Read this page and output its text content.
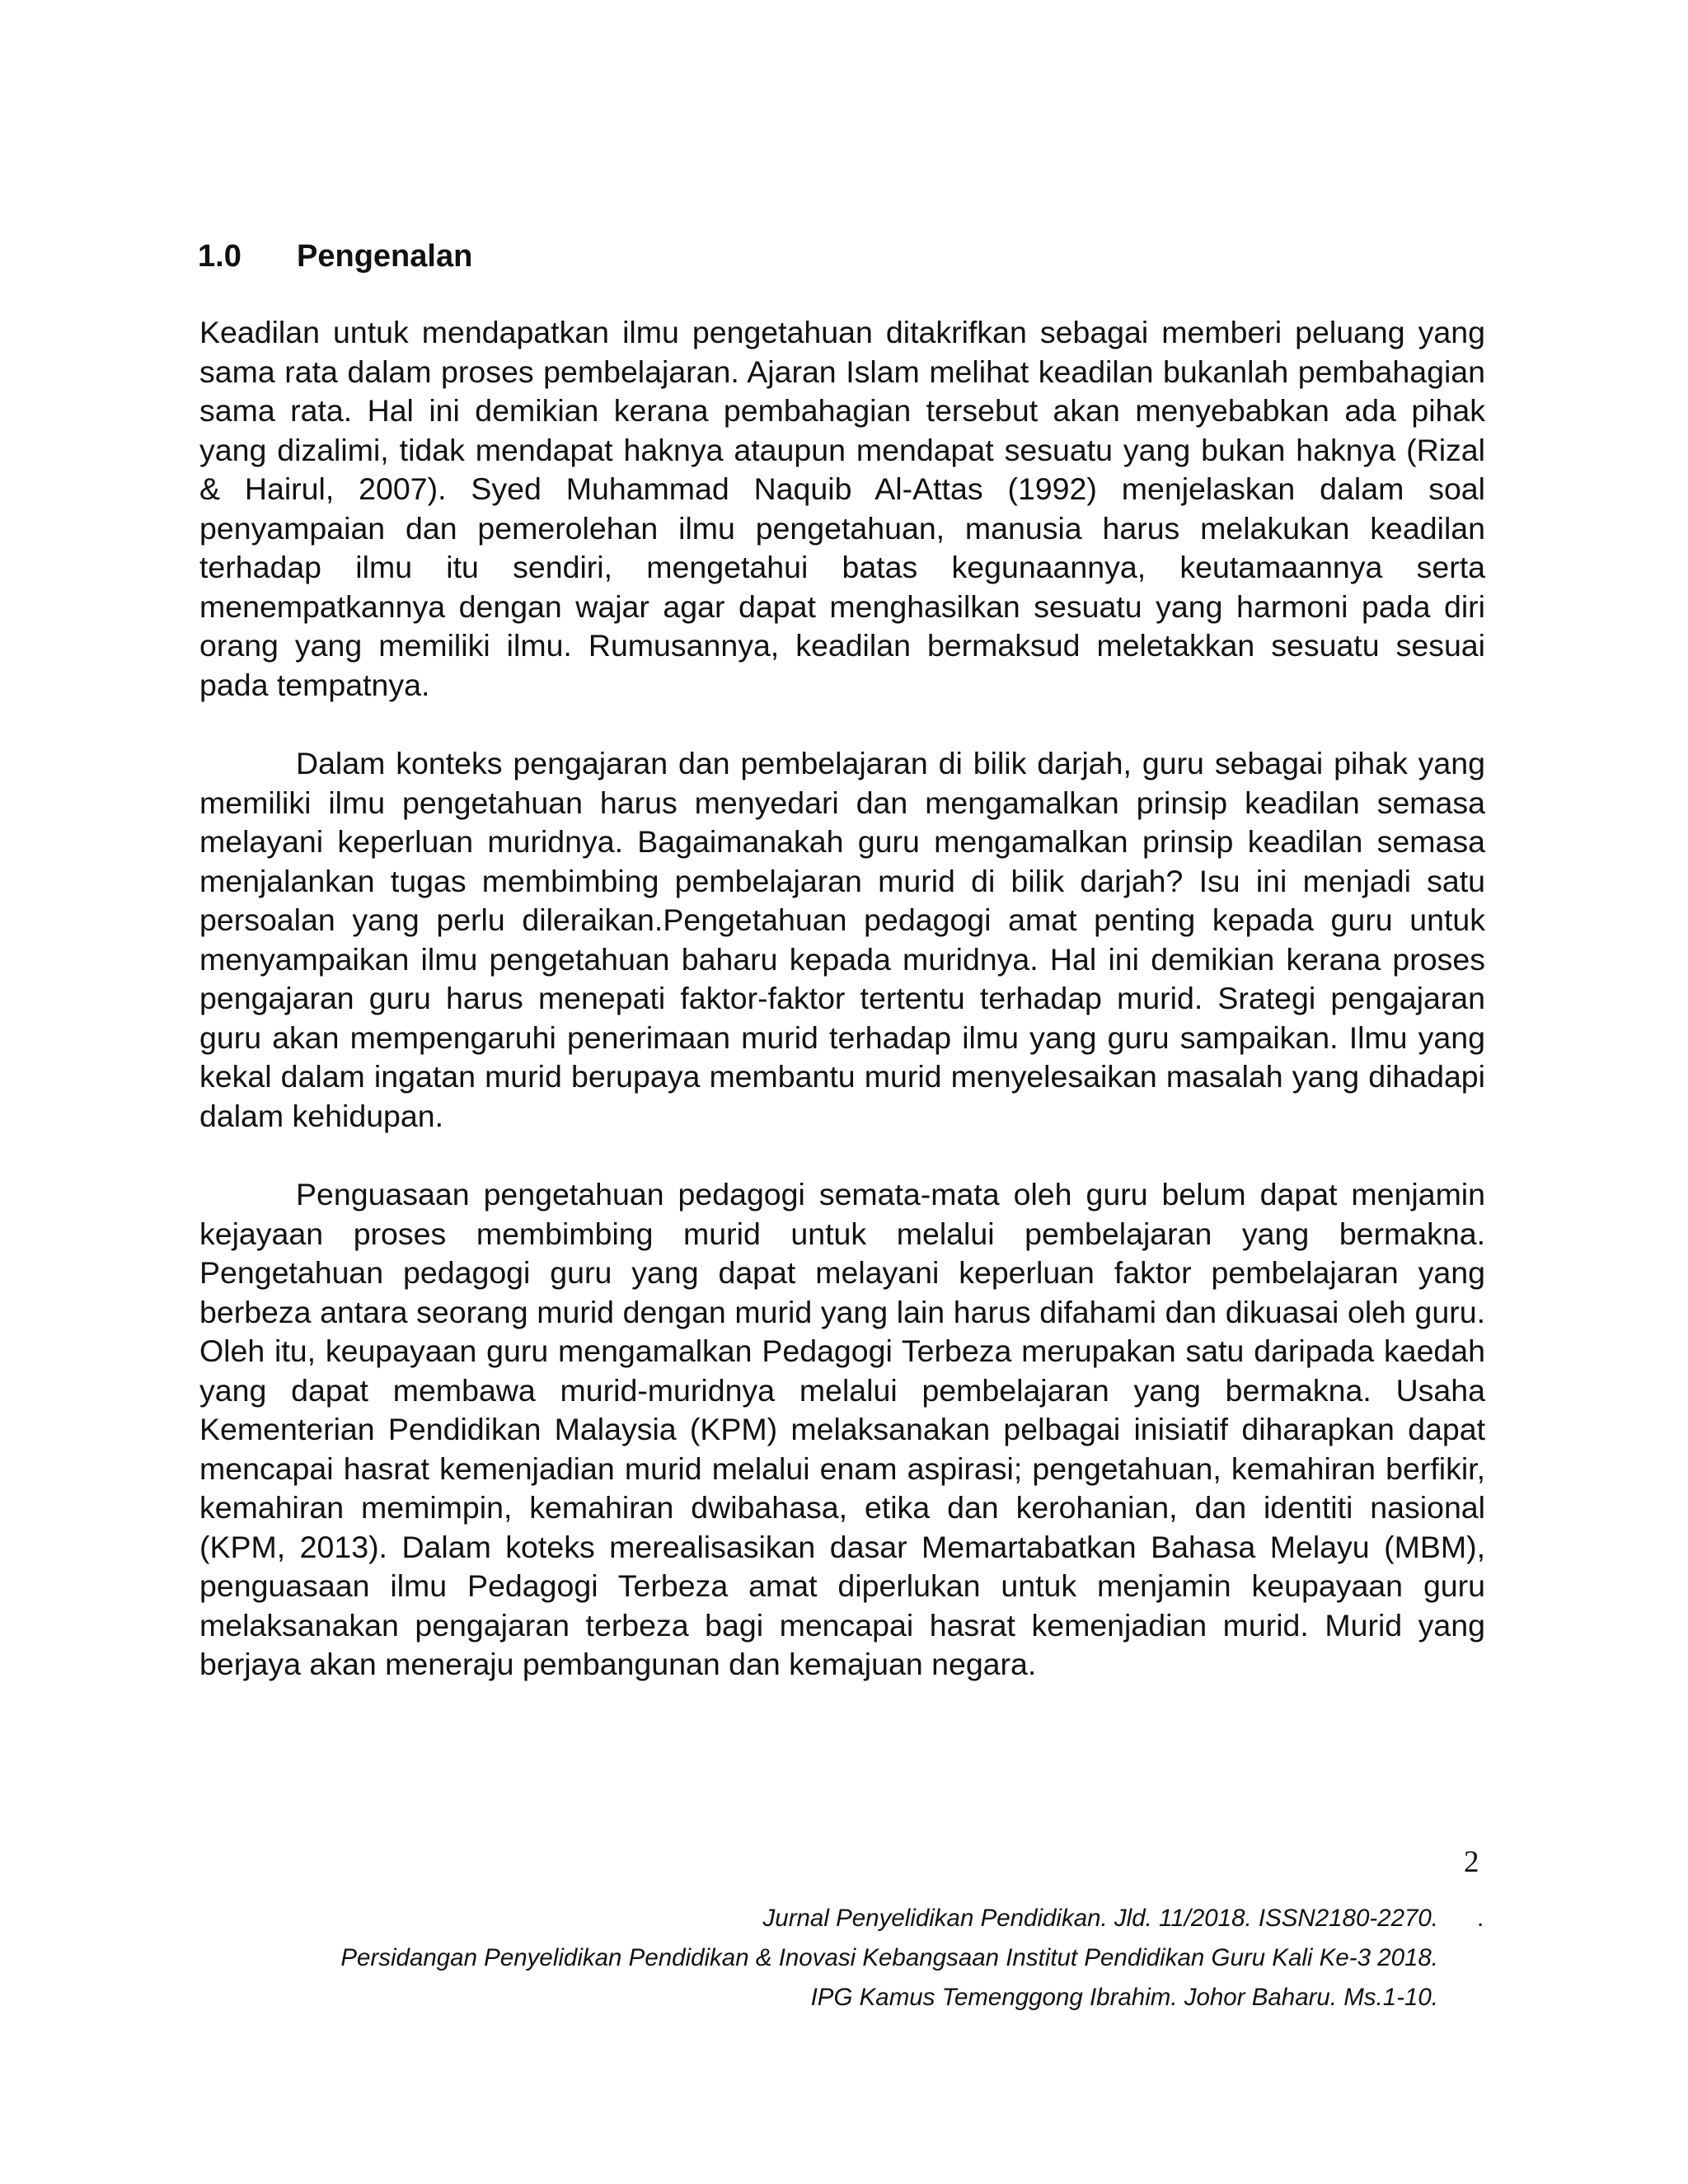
1.0 Pengenalan

Keadilan untuk mendapatkan ilmu pengetahuan ditakrifkan sebagai memberi peluang yang sama rata dalam proses pembelajaran. Ajaran Islam melihat keadilan bukanlah pembahagian sama rata. Hal ini demikian kerana pembahagian tersebut akan menyebabkan ada pihak yang dizalimi, tidak mendapat haknya ataupun mendapat sesuatu yang bukan haknya (Rizal & Hairul, 2007). Syed Muhammad Naquib Al-Attas (1992) menjelaskan dalam soal penyampaian dan pemerolehan ilmu pengetahuan, manusia harus melakukan keadilan terhadap ilmu itu sendiri, mengetahui batas kegunaannya, keutamaannya serta menempatkannya dengan wajar agar dapat menghasilkan sesuatu yang harmoni pada diri orang yang memiliki ilmu. Rumusannya, keadilan bermaksud meletakkan sesuatu sesuai pada tempatnya.

Dalam konteks pengajaran dan pembelajaran di bilik darjah, guru sebagai pihak yang memiliki ilmu pengetahuan harus menyedari dan mengamalkan prinsip keadilan semasa melayani keperluan muridnya. Bagaimanakah guru mengamalkan prinsip keadilan semasa menjalankan tugas membimbing pembelajaran murid di bilik darjah? Isu ini menjadi satu persoalan yang perlu dileraikan.Pengetahuan pedagogi amat penting kepada guru untuk menyampaikan ilmu pengetahuan baharu kepada muridnya. Hal ini demikian kerana proses pengajaran guru harus menepati faktor-faktor tertentu terhadap murid. Srategi pengajaran guru akan mempengaruhi penerimaan murid terhadap ilmu yang guru sampaikan. Ilmu yang kekal dalam ingatan murid berupaya membantu murid menyelesaikan masalah yang dihadapi dalam kehidupan.

Penguasaan pengetahuan pedagogi semata-mata oleh guru belum dapat menjamin kejayaan proses membimbing murid untuk melalui pembelajaran yang bermakna. Pengetahuan pedagogi guru yang dapat melayani keperluan faktor pembelajaran yang berbeza antara seorang murid dengan murid yang lain harus difahami dan dikuasai oleh guru. Oleh itu, keupayaan guru mengamalkan Pedagogi Terbeza merupakan satu daripada kaedah yang dapat membawa murid-muridnya melalui pembelajaran yang bermakna. Usaha Kementerian Pendidikan Malaysia (KPM) melaksanakan pelbagai inisiatif diharapkan dapat mencapai hasrat kemenjadian murid melalui enam aspirasi; pengetahuan, kemahiran berfikir, kemahiran memimpin, kemahiran dwibahasa, etika dan kerohanian, dan identiti nasional (KPM, 2013). Dalam koteks merealisasikan dasar Memartabatkan Bahasa Melayu (MBM), penguasaan ilmu Pedagogi Terbeza amat diperlukan untuk menjamin keupayaan guru melaksanakan pengajaran terbeza bagi mencapai hasrat kemenjadian murid. Murid yang berjaya akan meneraju pembangunan dan kemajuan negara.

2
Jurnal Penyelidikan Pendidikan. Jld. 11/2018. ISSN2180-2270.
Persidangan Penyelidikan Pendidikan & Inovasi Kebangsaan Institut Pendidikan Guru Kali Ke-3 2018.
IPG Kamus Temenggong Ibrahim. Johor Baharu. Ms.1-10.
.
